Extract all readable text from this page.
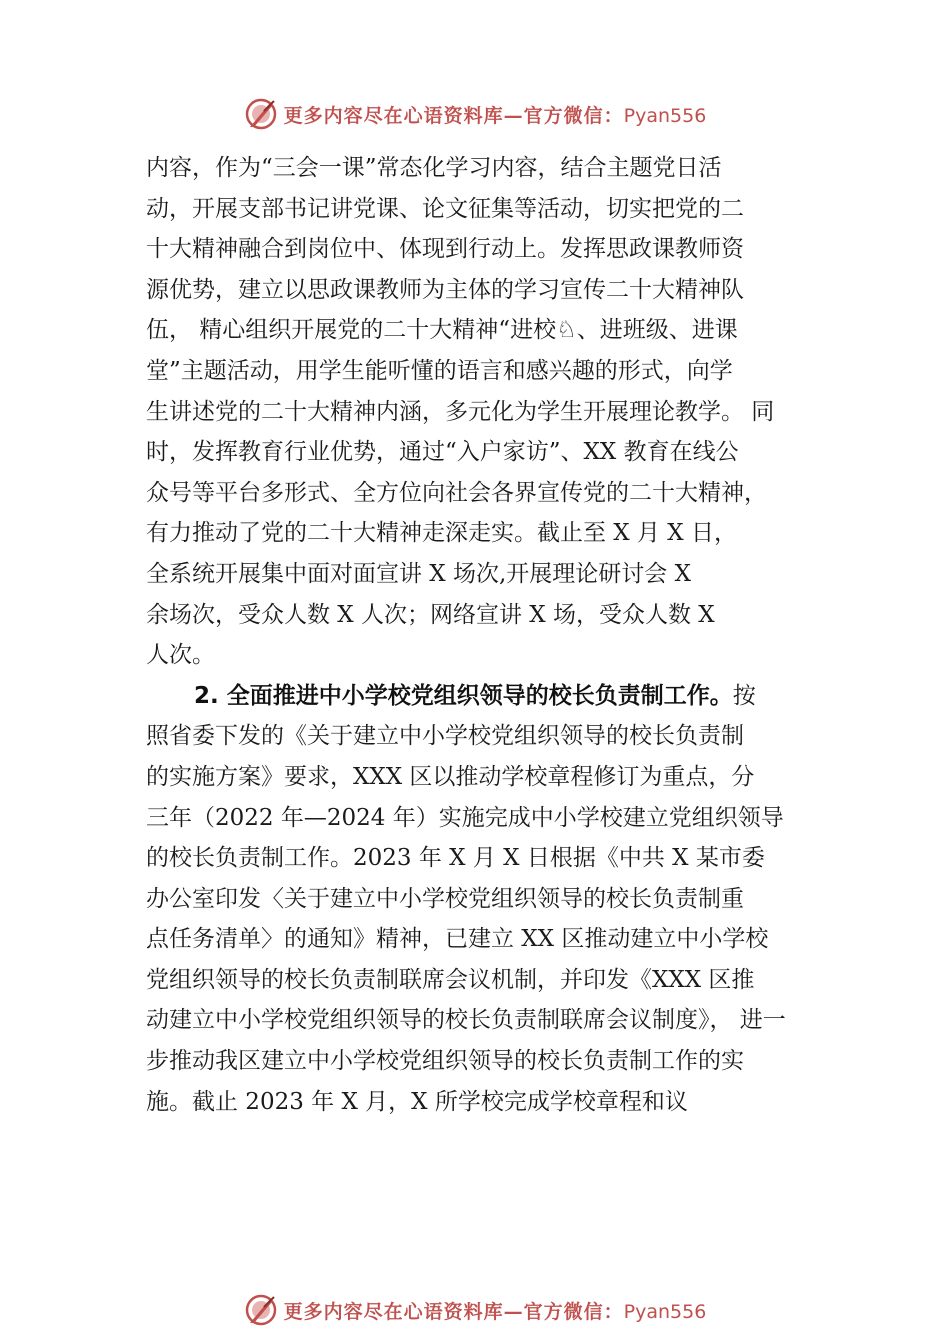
更多内容尽在心语资料库—官方微信：Pyan556
内容，作为“三会一课”常态化学习内容，结合主题党日活
动，开展支部书记讲党课、论文征集等活动，切实把党的二
十大精神融合到岗位中、体现到行动上。发挥思政课教师资
源优势，建立以思政课教师为主体的学习宣传二十大精神队
伍， 精心组织开展党的二十大精神“进校♘、进班级、进课
堂”主题活动，用学生能听懂的语言和感兴趣的形式，向学
生讲述党的二十大精神内涵，多元化为学生开展理论教学。 同
时，发挥教育行业优势，通过“入户家访”、XX 教育在线公
众号等平台多形式、全方位向社会各界宣传党的二十大精神，
有力推动了党的二十大精神走深走实。截止至 X 月 X 日，
全系统开展集中面对面宣讲 X 场次,开展理论研讨会 X
余场次，受众人数 X 人次；网络宣讲 X 场，受众人数 X
人次。
2. 全面推进中小学校党组织领导的校长负责制工作。按
照省委下发的《关于建立中小学校党组织领导的校长负责制
的实施方案》要求，XXX 区以推动学校章程修订为重点，分
三年（2022 年—2024 年）实施完成中小学校建立党组织领导
的校长负责制工作。2023 年 X 月 X 日根据《中共 X 某市委
办公室印发〈关于建立中小学校党组织领导的校长负责制重
点任务清单〉的通知》精神，已建立 XX 区推动建立中小学校
党组织领导的校长负责制联席会议机制，并印发《XXX 区推
动建立中小学校党组织领导的校长负责制联席会议制度》， 进一
步推动我区建立中小学校党组织领导的校长负责制工作的实
施。截止 2023 年 X 月，X 所学校完成学校章程和议
更多内容尽在心语资料库—官方微信：Pyan556
